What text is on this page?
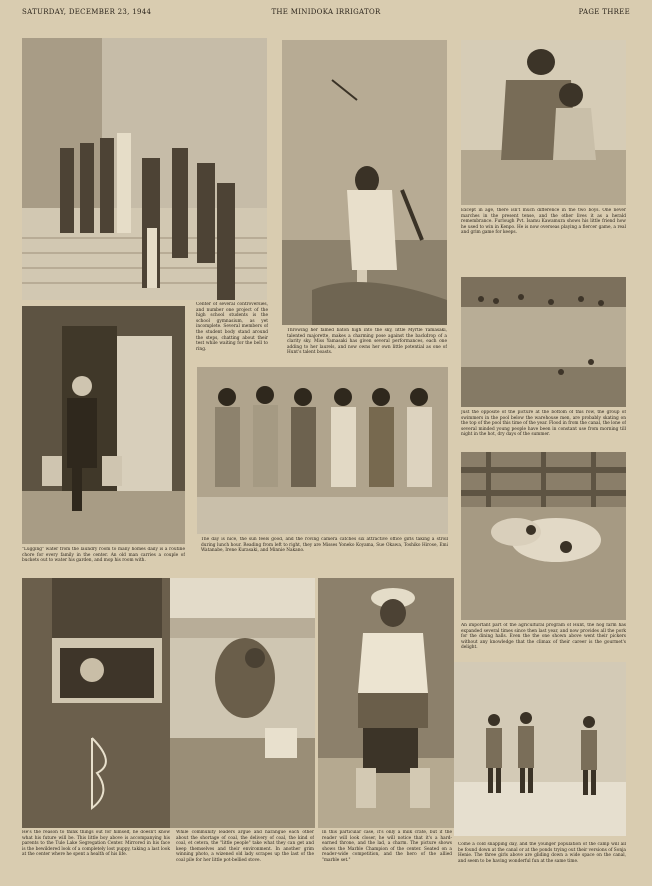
SATURDAY, DECEMBER 23, 1944	THE MINIDOKA IRRIGATOR	PAGE THREE
Except in age, there isn't much difference in the two boys. One never marches in the present tense, and the other lives it as a herald remembrance. Furlough Pvt. Isamu Kawamura shows his little friend how he used to win in Kenpo. He is now overseas playing a fiercer game, a real and grim game for keeps.
Just the opposite of the picture at the bottom of this row, the group of swimmers in the pool below the warehouse men, are probably skating on the top of the pool this time of the year. Flood in from the canal, the lone of several minded young people have been in constant use from morning till night in the hot, dry days of the summer.
Center of several controversies, and number one project of the high school students is the school gymnasium, as yet incomplete. Several members of the student body stand around the steps, chatting about their test while waiting for the bell to ring.
Throwing her famed baton high into the sky, little Myrtle Yamasaki, talented majorette, makes a charming pose against the backdrop of a clarity sky. Miss Yamasaki has given several performances, each one adding to her laurels, and now owns her own little potential as one of Hunt's talent boasts.
The day is nice, the sun feels good, and the roving camera catches six attractive office girls taking a stroll during lunch hour. Reading from left to right, they are Misses Yoneko Koyama, Sue Okawa, Toshiko Hirose, Emi Watanabe, Irene Kurasaki, and Minnie Nakano.
"Lugging" water from the laundry room to many homes daily is a routine chore for every family in the center. An old man carries a couple of buckets out to water his garden, and mop his room with.
An important part of the agricultural program of Hunt, the hog farm has expanded several times since then last year, and now provides all the pork for the dining halls. Even the the one shown above went their pickers without any knowledge that the climax of their career is the gourmet's delight.
He's the reason to think things out for himself, he doesn't know what his future will be. This little boy above is accompanying his parents to the Tule Lake Segregation Center. Mirrored in his face is the bewildered look of a completely lost puppy, taking a last look at the center where he spent a health of his life.
While community leaders argue and harangue each other about the shortage of coal, the delivery of coal, the kind of coal, et cetera, the "little people" take what they can get and keep themselves and their environment. In another grim winning photo, a wizened old lady scrapes up the last of the coal pile for her little pot-bellied stove.
In this particular case, it's only a milk crate, but if the reader will look closer, he will notice that it's a hard-earned throne, and the lad, a charm. The picture shows shows the Marble Champion of the center. Seated on a reader-wide competition, and the hero of the allied "marble set."
Come a cold snapping day, and the younger population of the camp will all be found down at the canal or at the ponds trying out their versions of Sonja Henie. The three girls above are gliding down a wide space on the canal, and seem to be having wonderful fun at the same time.
